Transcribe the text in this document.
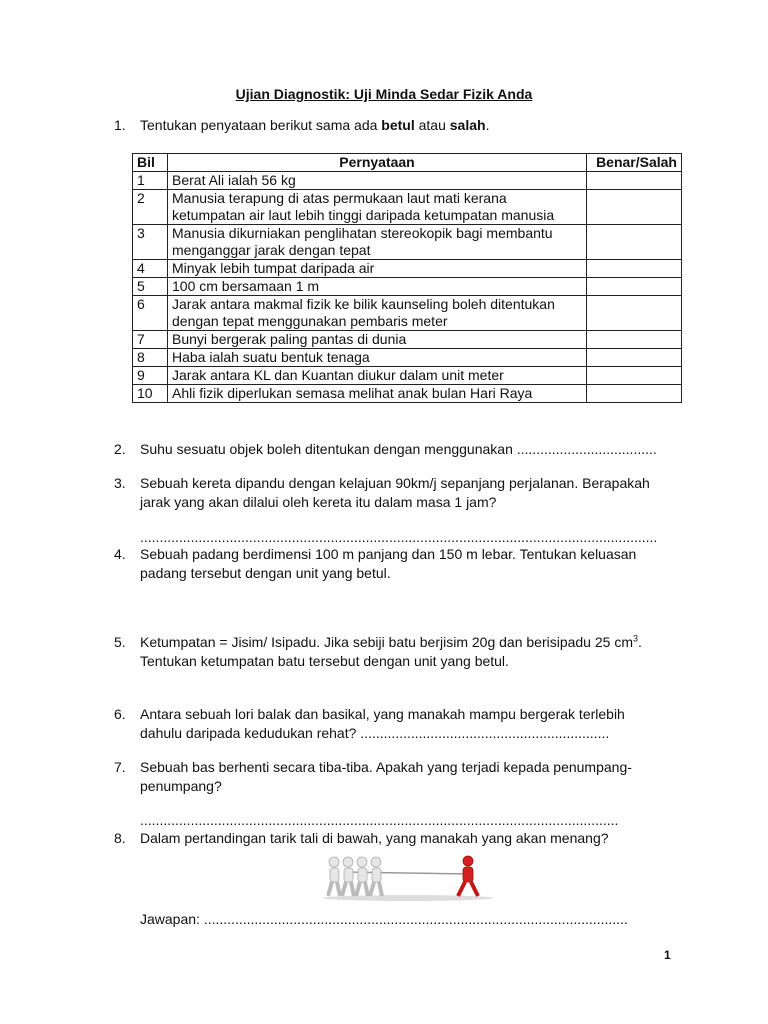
Ujian Diagnostik: Uji Minda Sedar Fizik Anda
1. Tentukan penyataan berikut sama ada betul atau salah.
Bil	Pernyataan	Benar/Salah
1	Berat Ali ialah 56 kg	
2	Manusia terapung di atas permukaan laut mati kerana ketumpatan air laut lebih tinggi daripada ketumpatan manusia	
3	Manusia dikurniakan penglihatan stereokopik bagi membantu menganggar jarak dengan tepat	
4	Minyak lebih tumpat daripada air	
5	100 cm bersamaan 1 m	
6	Jarak antara makmal fizik ke bilik kaunseling boleh ditentukan dengan tepat menggunakan pembaris meter	
7	Bunyi bergerak paling pantas di dunia	
8	Haba ialah suatu bentuk tenaga	
9	Jarak antara KL dan Kuantan diukur dalam unit meter	
10	Ahli fizik diperlukan semasa melihat anak bulan Hari Raya	
2. Suhu sesuatu objek boleh ditentukan dengan menggunakan ....................................
3. Sebuah kereta dipandu dengan kelajuan 90km/j sepanjang perjalanan. Berapakah
jarak yang akan dilalui oleh kereta itu dalam masa 1 jam?
.....................................................................................................................................
4. Sebuah padang berdimensi 100 m panjang dan 150 m lebar. Tentukan keluasan
padang tersebut dengan unit yang betul.
5. Ketumpatan = Jisim/ Isipadu. Jika sebiji batu berjisim 20g dan berisipadu 25 $cm^3$.
Tentukan ketumpatan batu tersebut dengan unit yang betul.
6. Antara sebuah lori balak dan basikal, yang manakah mampu bergerak terlebih
dahulu daripada kedudukan rehat? ................................................................
7. Sebuah bas berhenti secara tiba-tiba. Apakah yang terjadi kepada penumpang-
penumpang?
...........................................................................................................................
8. Dalam pertandingan tarik tali di bawah, yang manakah yang akan menang?
Jawapan: .............................................................................................................
1
